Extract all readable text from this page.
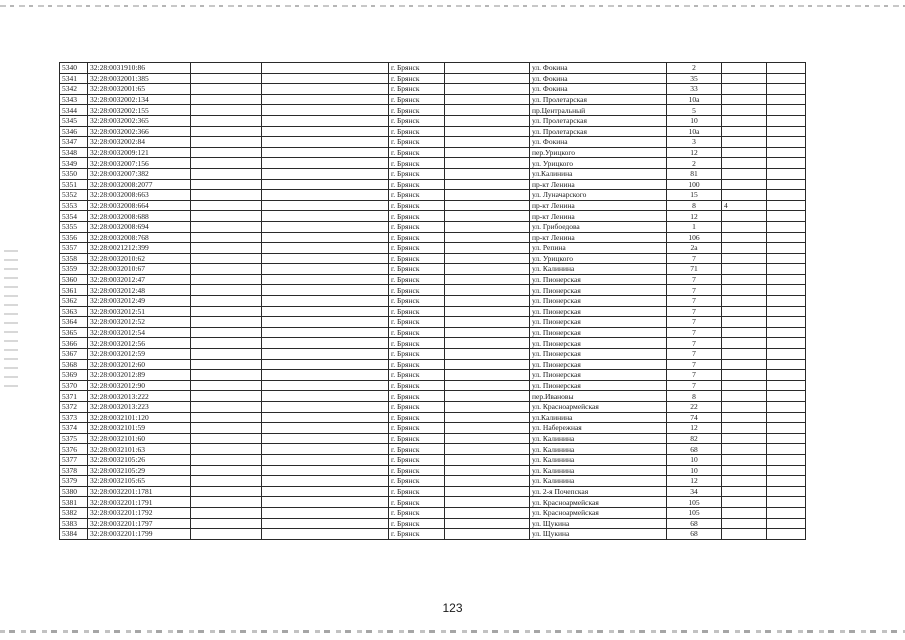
5340	32:28:0031910:86			г. Брянск		ул. Фокина	2		
5341	32:28:0032001:385			г. Брянск		ул. Фокина	35		
5342	32:28:0032001:65			г. Брянск		ул. Фокина	33		
5343	32:28:0032002:134			г. Брянск		ул. Пролетарская	10а		
5344	32:28:0032002:155			г. Брянск		пр.Центральный	5		
5345	32:28:0032002:365			г. Брянск		ул. Пролетарская	10		
5346	32:28:0032002:366			г. Брянск		ул. Пролетарская	10а		
5347	32:28:0032002:84			г. Брянск		ул. Фокина	3		
5348	32:28:0032009:121			г. Брянск		пер.Урицкого	12		
5349	32:28:0032007:156			г. Брянск		ул. Урицкого	2		
5350	32:28:0032007:382			г. Брянск		ул.Калинина	81		
5351	32:28:0032008:2077			г. Брянск		пр-кт Ленина	100		
5352	32:28:0032008:663			г. Брянск		ул. Луначарского	15		
5353	32:28:0032008:664			г. Брянск		пр-кт Ленина	8	4	
5354	32:28:0032008:688			г. Брянск		пр-кт Ленина	12		
5355	32:28:0032008:694			г. Брянск		ул. Грибоедова	1		
5356	32:28:0032008:768			г. Брянск		пр-кт Ленина	106		
5357	32:28:0021212:399			г. Брянск		ул. Репина	2а		
5358	32:28:0032010:62			г. Брянск		ул. Урицкого	7		
5359	32:28:0032010:67			г. Брянск		ул. Калинина	71		
5360	32:28:0032012:47			г. Брянск		ул. Пионерская	7		
5361	32:28:0032012:48			г. Брянск		ул. Пионерская	7		
5362	32:28:0032012:49			г. Брянск		ул. Пионерская	7		
5363	32:28:0032012:51			г. Брянск		ул. Пионерская	7		
5364	32:28:0032012:52			г. Брянск		ул. Пионерская	7		
5365	32:28:0032012:54			г. Брянск		ул. Пионерская	7		
5366	32:28:0032012:56			г. Брянск		ул. Пионерская	7		
5367	32:28:0032012:59			г. Брянск		ул. Пионерская	7		
5368	32:28:0032012:60			г. Брянск		ул. Пионерская	7		
5369	32:28:0032012:89			г. Брянск		ул. Пионерская	7		
5370	32:28:0032012:90			г. Брянск		ул. Пионерская	7		
5371	32:28:0032013:222			г. Брянск		пер.Ивановы	8		
5372	32:28:0032013:223			г. Брянск		ул. Красноармейская	22		
5373	32:28:0032101:120			г. Брянск		ул.Калинина	74		
5374	32:28:0032101:59			г. Брянск		ул. Набережная	12		
5375	32:28:0032101:60			г. Брянск		ул. Калинина	82		
5376	32:28:0032101:63			г. Брянск		ул. Калинина	68		
5377	32:28:0032105:26			г. Брянск		ул. Калинина	10		
5378	32:28:0032105:29			г. Брянск		ул. Калинина	10		
5379	32:28:0032105:65			г. Брянск		ул. Калинина	12		
5380	32:28:0032201:1781			г. Брянск		ул. 2-я Почепская	34		
5381	32:28:0032201:1791			г. Брянск		ул. Красноармейская	105		
5382	32:28:0032201:1792			г. Брянск		ул. Красноармейская	105		
5383	32:28:0032201:1797			г. Брянск		ул. Щукина	68		
5384	32:28:0032201:1799			г. Брянск		ул. Щукина	68		
123
